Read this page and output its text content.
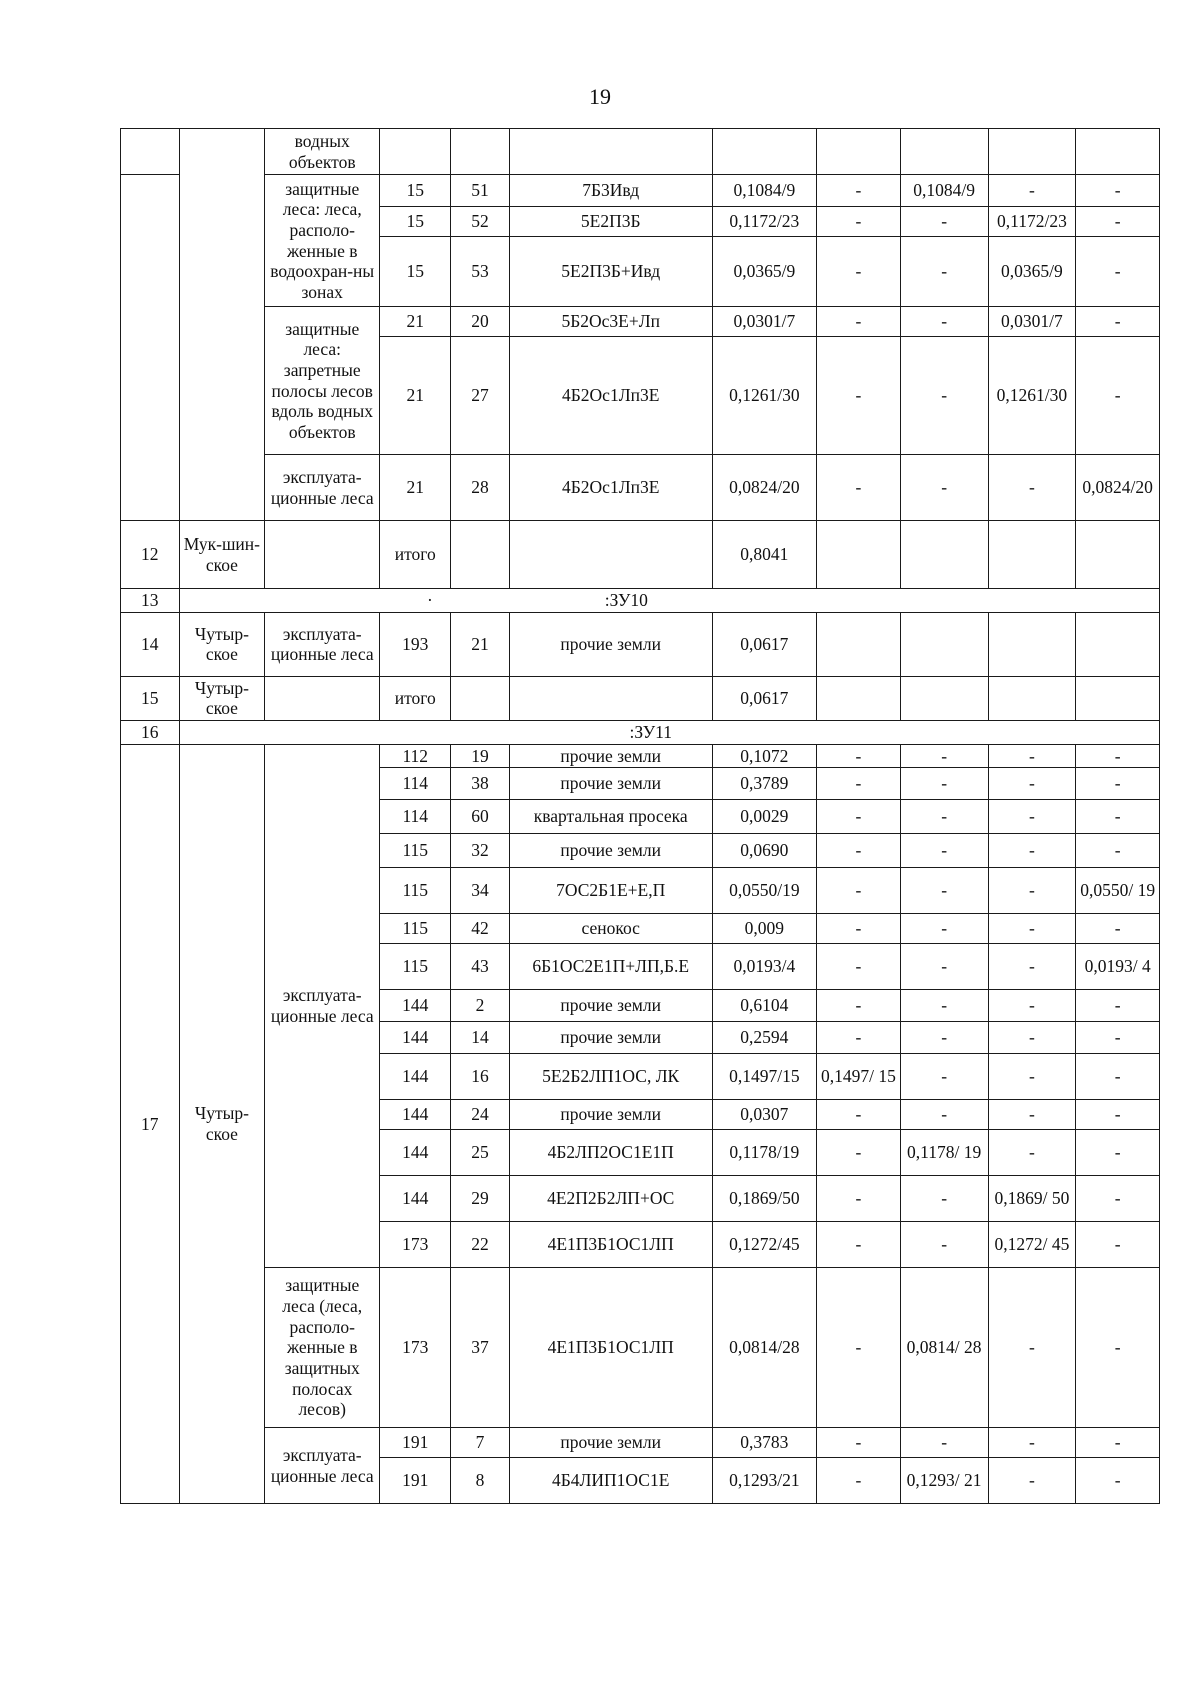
19
		водных объектов								
		защитные леса: леса, располо-женные в водоохран-ны зонах	15	51	7Б3Ивд	0,1084/9	-	0,1084/9	-	-
			15	52	5Е2П3Б	0,1172/23	-	-	0,1172/23	-
			15	53	5Е2П3Б+Ивд	0,0365/9	-	-	0,0365/9	-
		защитные леса: запретные полосы лесов вдоль водных объектов	21	20	5Б2Ос3Е+Лп	0,0301/7	-	-	0,0301/7	-
			21	27	4Б2Ос1Лп3Е	0,1261/30	-	-	0,1261/30	-
		эксплуата-ционные леса	21	28	4Б2Ос1Лп3Е	0,0824/20	-	-	-	0,0824/20
12	Мук-шин-ское		итого			0,8041				
13	·			:ЗУ10						
14	Чутыр-ское	эксплуата-ционные леса	193	21	прочие земли	0,0617				
15	Чутыр-ское		итого			0,0617				
16	:ЗУ11									
17	Чутыр-ское	эксплуата-ционные леса	112	19	прочие земли	0,1072	-	-	-	-
			114	38	прочие земли	0,3789	-	-	-	-
			114	60	квартальная просека	0,0029	-	-	-	-
			115	32	прочие земли	0,0690	-	-	-	-
			115	34	7ОС2Б1Е+Е,П	0,0550/19	-	-	-	0,0550/ 19
			115	42	сенокос	0,009	-	-	-	-
			115	43	6Б1ОС2Е1П+ЛП,Б.Е	0,0193/4	-	-	-	0,0193/ 4
			144	2	прочие земли	0,6104	-	-	-	-
			144	14	прочие земли	0,2594	-	-	-	-
			144	16	5Е2Б2ЛП1ОС, ЛК	0,1497/15	0,1497/ 15	-	-	-
			144	24	прочие земли	0,0307	-	-	-	-
			144	25	4Б2ЛП2ОС1Е1П	0,1178/19	-	0,1178/ 19	-	-
			144	29	4Е2П2Б2ЛП+ОС	0,1869/50	-	-	0,1869/ 50	-
			173	22	4Е1П3Б1ОС1ЛП	0,1272/45	-	-	0,1272/ 45	-
		защитные леса (леса, располо-женные в защитных полосах лесов)	173	37	4Е1П3Б1ОС1ЛП	0,0814/28	-	0,0814/ 28	-	-
		эксплуата-ционные леса	191	7	прочие земли	0,3783	-	-	-	-
			191	8	4Б4ЛИП1ОС1Е	0,1293/21	-	0,1293/ 21	-	-
